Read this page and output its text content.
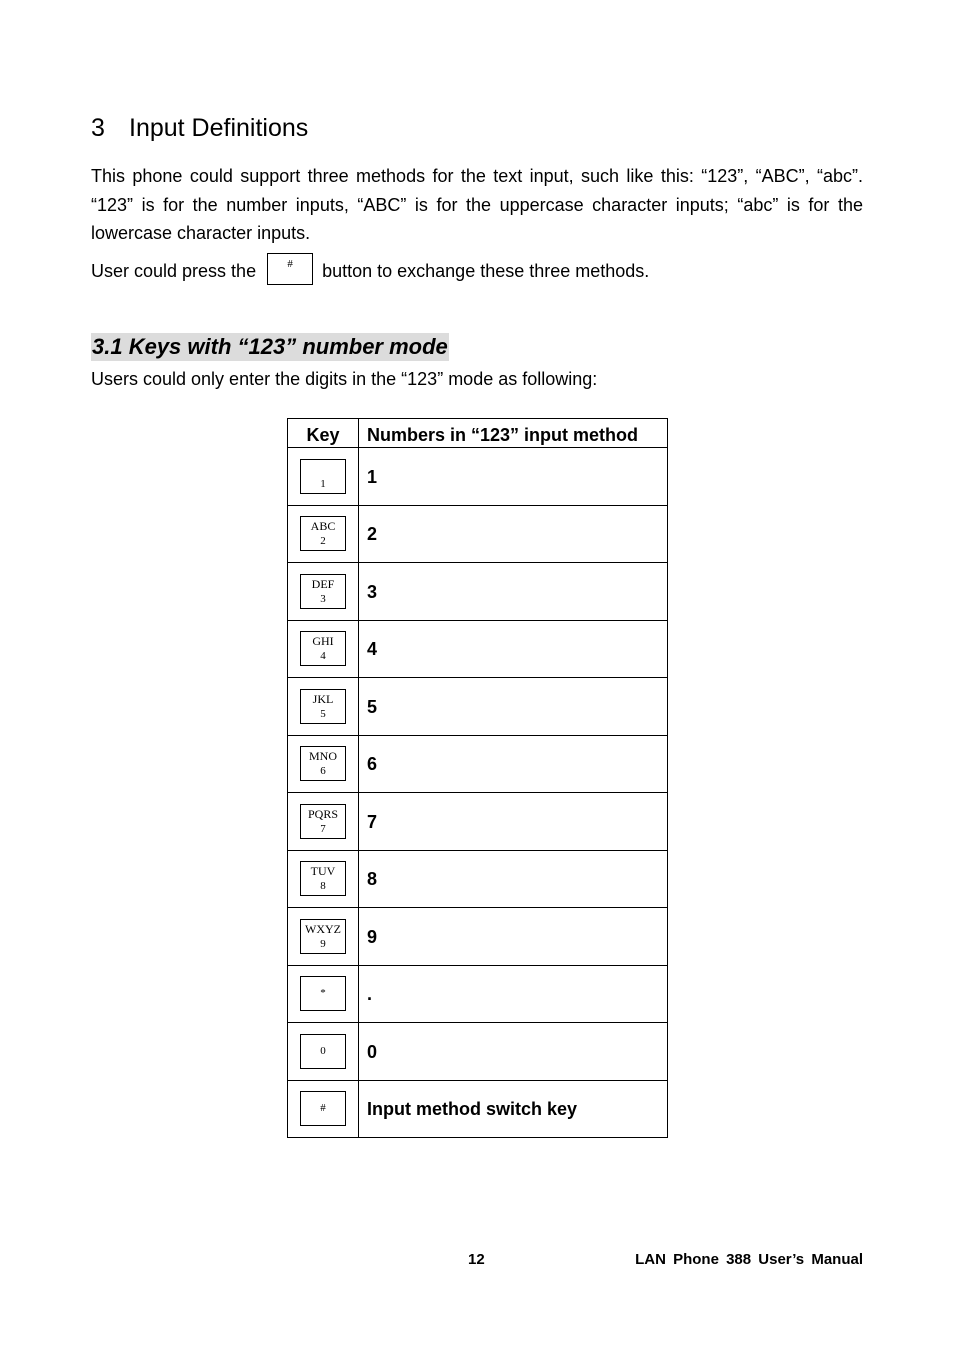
3 Input Definitions

This phone could support three methods for the text input, such like this: “123”, “ABC”, “abc”. “123” is for the number inputs, “ABC” is for the uppercase character inputs; “abc” is for the lowercase character inputs.

User could press the	#	button to exchange these three methods.
3.1 Keys with “123” number mode

Users could only enter the digits in the “123” mode as following:

Key	Numbers in “123” input method

1	1

ABC
2	2

DEF
3	3

GHI
4	4

JKL
5	5

MNO
6	6

PQRS
7	7

TUV
8	8

WXYZ
9	9

*	.

0	0

#	Input method switch key
12	LAN Phone 388 User’s Manual
